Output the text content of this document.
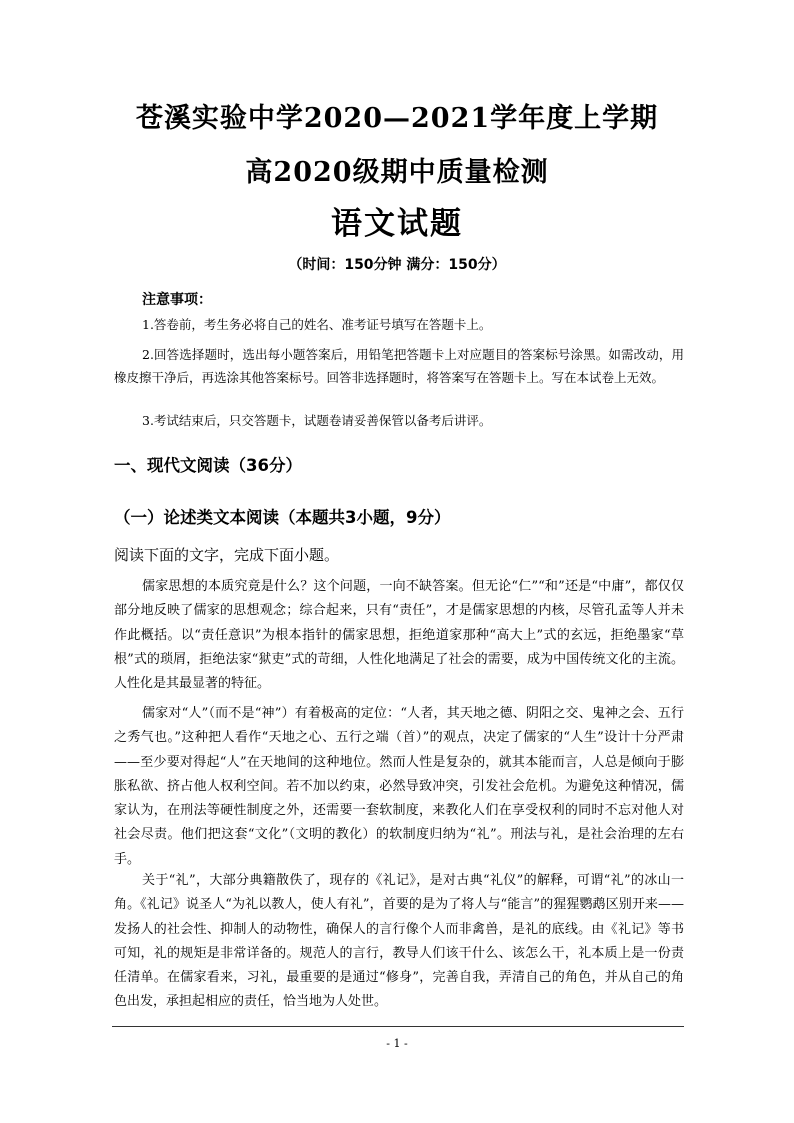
苍溪实验中学2020—2021学年度上学期
高2020级期中质量检测
语文试题
（时间：150分钟 满分：150分）
注意事项：
1.答卷前，考生务必将自己的姓名、准考证号填写在答题卡上。
2.回答选择题时，选出每小题答案后，用铅笔把答题卡上对应题目的答案标号涂黑。如需改动，用橡皮擦干净后，再选涂其他答案标号。回答非选择题时，将答案写在答题卡上。写在本试卷上无效。
3.考试结束后，只交答题卡，试题卷请妥善保管以备考后讲评。
一、现代文阅读（36分）
（一）论述类文本阅读（本题共3小题，9分）
阅读下面的文字，完成下面小题。
儒家思想的本质究竟是什么？这个问题，一向不缺答案。但无论“仁”“和”还是“中庸”，都仅仅部分地反映了儒家的思想观念；综合起来，只有“责任”，才是儒家思想的内核，尽管孔孟等人并未作此概括。以“责任意识”为根本指针的儒家思想，拒绝道家那种“高大上”式的玄远，拒绝墨家“草根”式的琐屑，拒绝法家“狱吏”式的苛细，人性化地满足了社会的需要，成为中国传统文化的主流。人性化是其最显著的特征。
儒家对“人”（而不是“神”）有着极高的定位：“人者，其天地之德、阴阳之交、鬼神之会、五行之秀气也。”这种把人看作“天地之心、五行之端（首）”的观点，决定了儒家的“人生”设计十分严肃——至少要对得起“人”在天地间的这种地位。然而人性是复杂的，就其本能而言，人总是倾向于膨胀私欲、挤占他人权利空间。若不加以约束，必然导致冲突，引发社会危机。为避免这种情况，儒家认为，在刑法等硬性制度之外，还需要一套软制度，来教化人们在享受权利的同时不忘对他人对社会尽责。他们把这套“文化”（文明的教化）的软制度归纳为“礼”。刑法与礼，是社会治理的左右手。
关于“礼”，大部分典籍散佚了，现存的《礼记》，是对古典“礼仪”的解释，可谓“礼”的冰山一角。《礼记》说圣人“为礼以教人，使人有礼”，首要的是为了将人与“能言”的猩猩鹦鹉区别开来——发扬人的社会性、抑制人的动物性，确保人的言行像个人而非禽兽，是礼的底线。由《礼记》等书可知，礼的规矩是非常详备的。规范人的言行，教导人们该干什么、该怎么干，礼本质上是一份责任清单。在儒家看来，习礼，最重要的是通过“修身”，完善自我，弄清自己的角色，并从自己的角色出发，承担起相应的责任，恰当地为人处世。
- 1 -
